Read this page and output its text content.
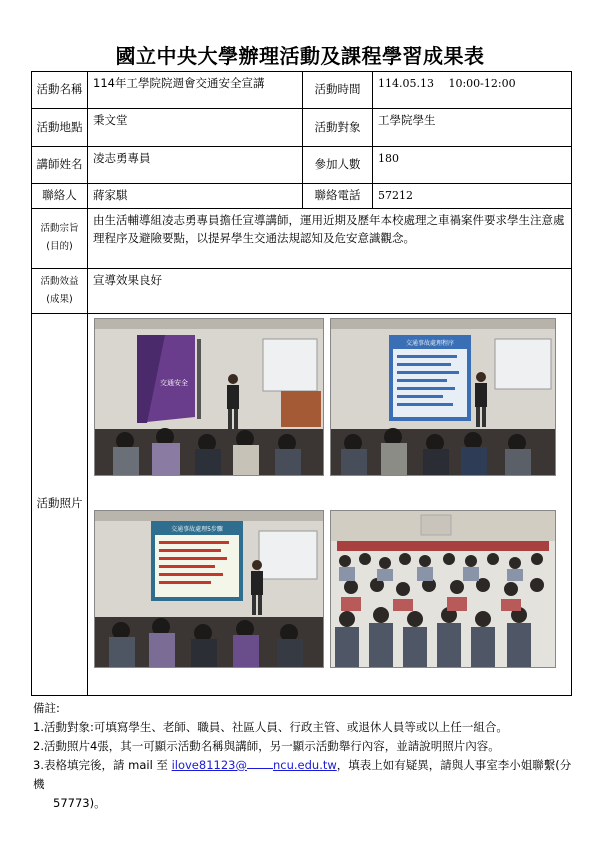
國立中央大學辦理活動及課程學習成果表
活動名稱	114年工學院院週會交通安全宣講	活動時間	114.05.13　 10:00-12:00
活動地點	秉文堂	活動對象	工學院學生
講師姓名	凌志勇專員	參加人數	180
聯絡人	蔣家騏	聯絡電話	57212
活動宗旨(目的)	由生活輔導組凌志勇專員擔任宣導講師，運用近期及歷年本校處理之車禍案件要求學生注意處理程序及避險要點，以提昇學生交通法規認知及危安意識觀念。		
活動效益(成果)	宣導效果良好		
活動照片	交通安全
交通事故處理程序
交通事故處理5步驟		
備註:
1.活動對象:可填寫學生、老師、職員、社區人員、行政主管、或退休人員等或以上任一組合。
2.活動照片4張，其一可顯示活動名稱與講師，另一顯示活動舉行內容，並請說明照片內容。
3.表格填完後，請 mail 至 ilove81123@ ncu.edu.tw，填表上如有疑異，請與人事室李小姐聯繫(分機
57773)。
